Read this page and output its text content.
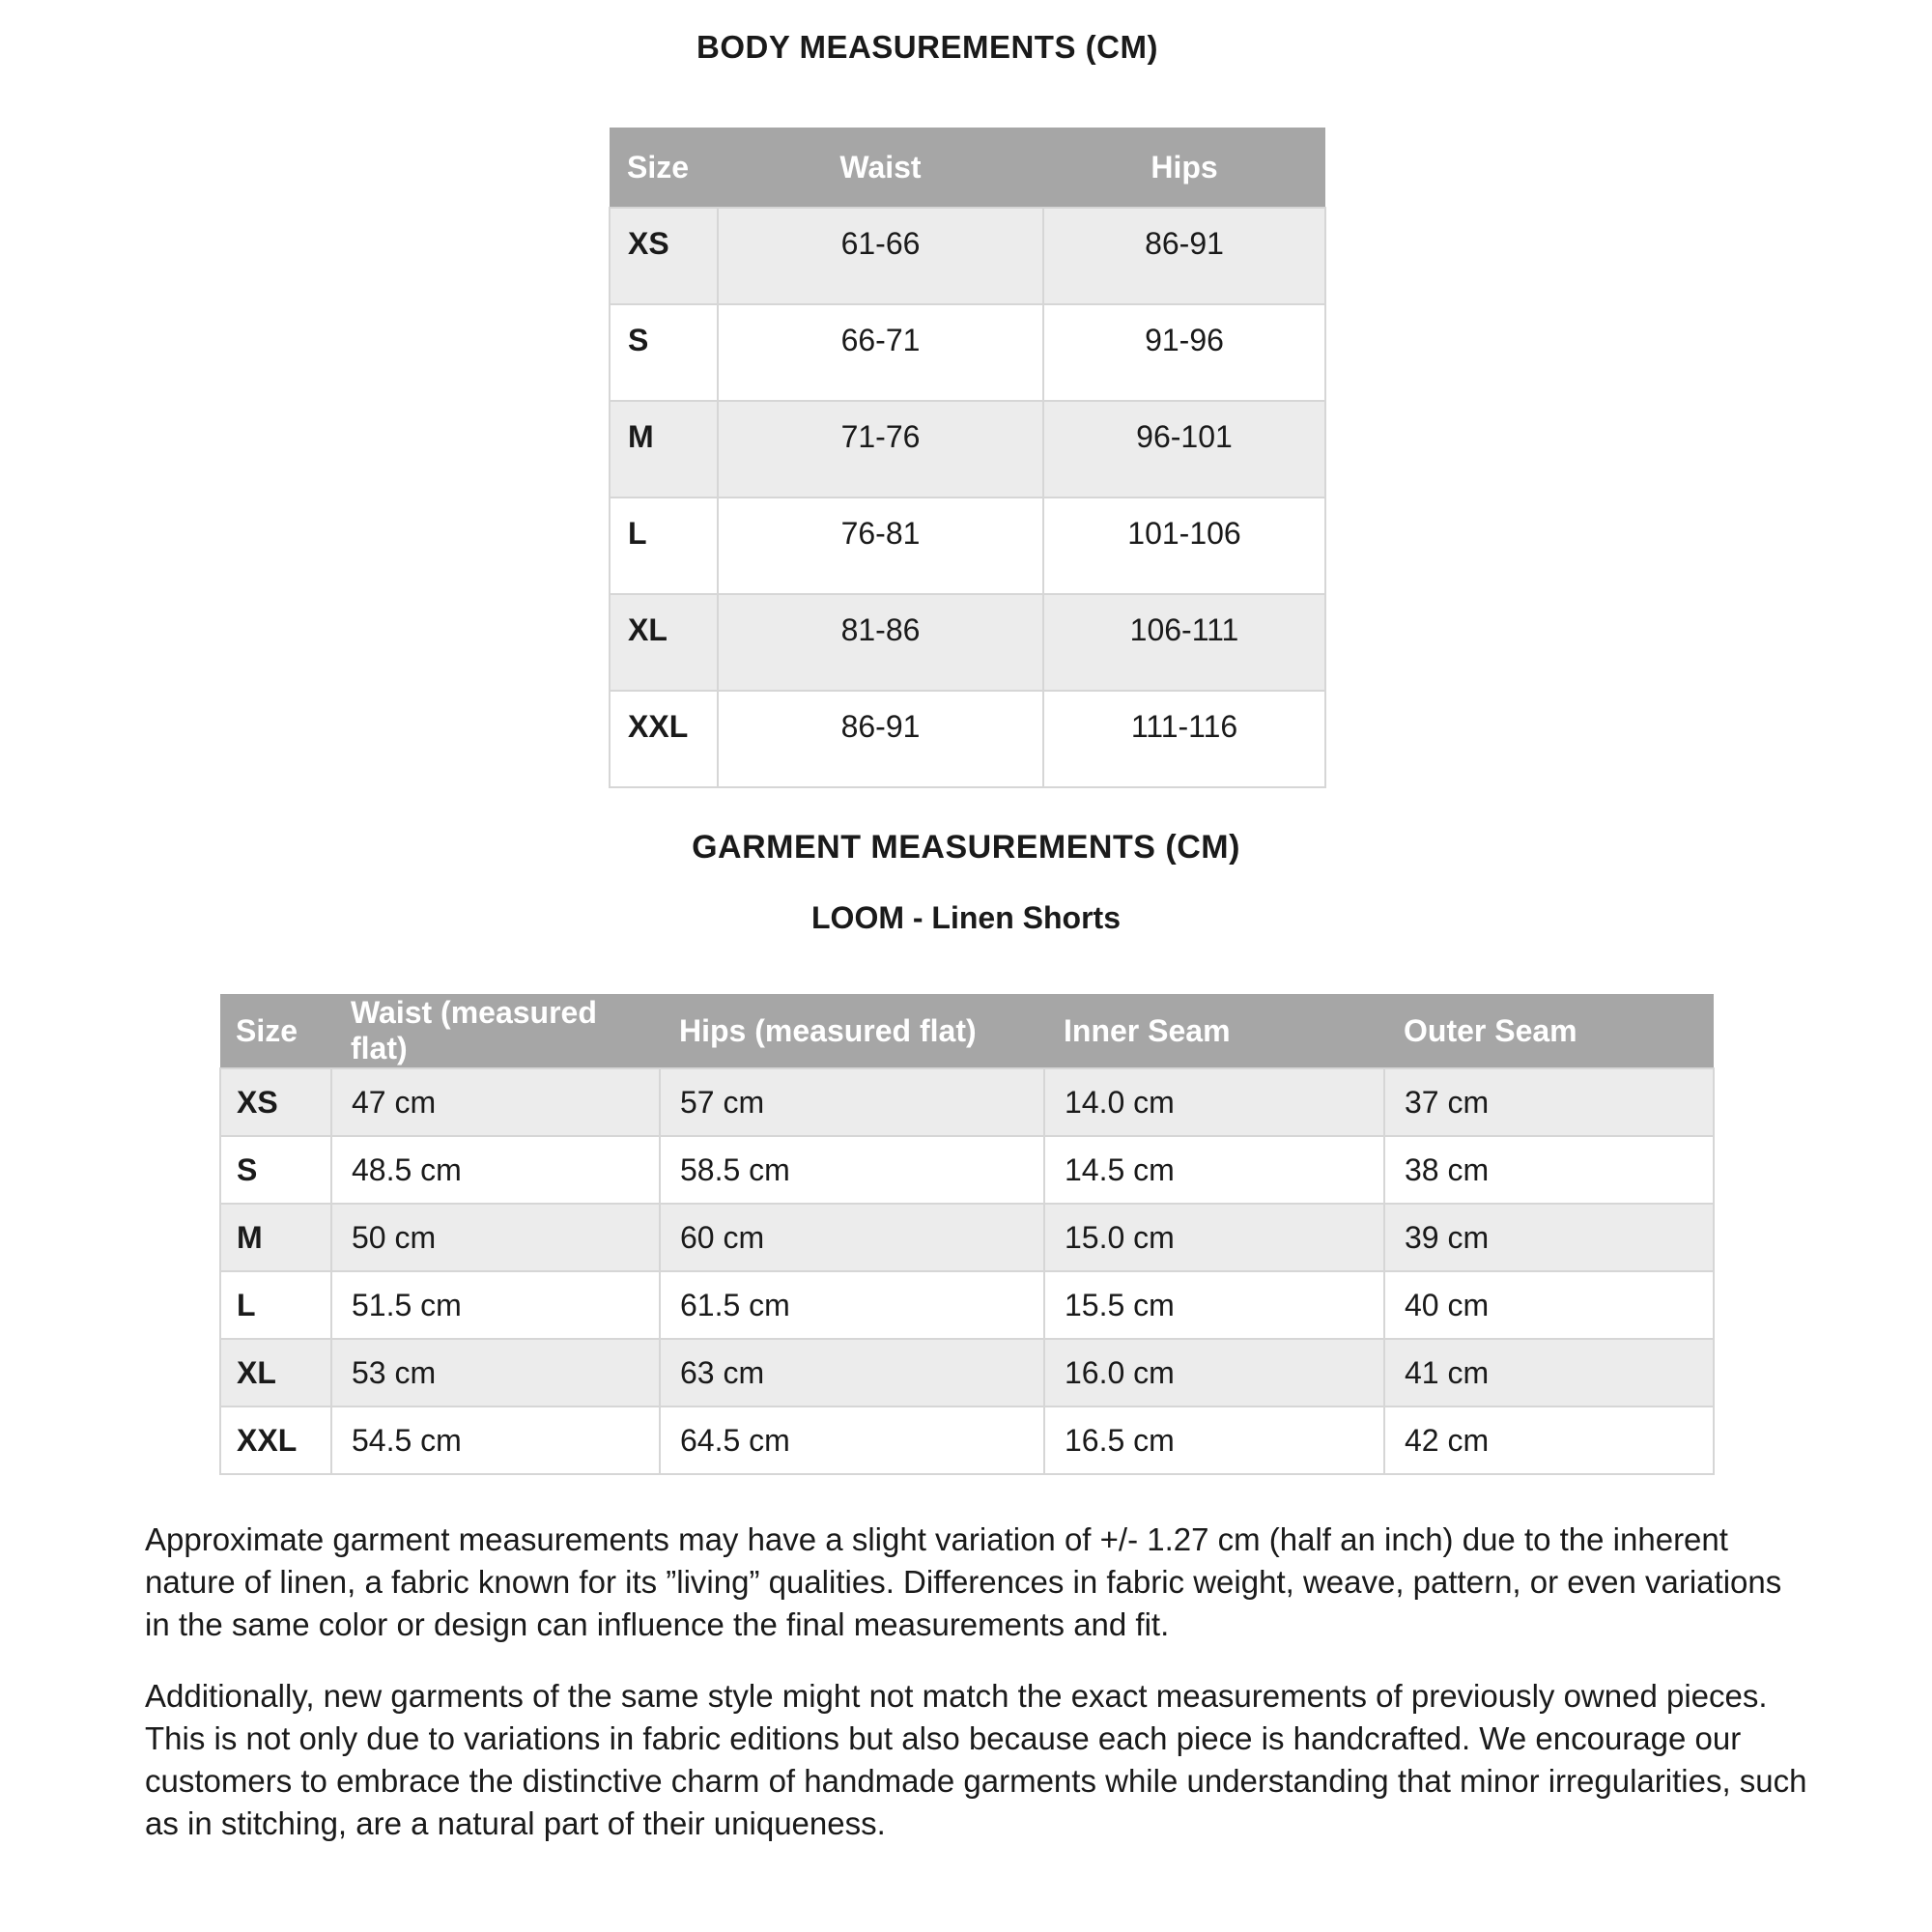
BODY MEASUREMENTS (CM)
Size	Waist	Hips
XS	61-66	86-91
S	66-71	91-96
M	71-76	96-101
L	76-81	101-106
XL	81-86	106-111
XXL	86-91	111-116
GARMENT MEASUREMENTS (CM)
LOOM - Linen Shorts
Size	Waist (measured flat)	Hips (measured flat)	Inner Seam	Outer Seam
XS	47 cm	57 cm	14.0 cm	37 cm
S	48.5 cm	58.5 cm	14.5 cm	38 cm
M	50 cm	60 cm	15.0 cm	39 cm
L	51.5 cm	61.5 cm	15.5 cm	40 cm
XL	53 cm	63 cm	16.0 cm	41 cm
XXL	54.5 cm	64.5 cm	16.5 cm	42 cm

Approximate garment measurements may have a slight variation of +/- 1.27 cm (half an inch) due to the inherent nature of linen, a fabric known for its ”living” qualities. Differences in fabric weight, weave, pattern, or even variations in the same color or design can influence the final measurements and fit.

Additionally, new garments of the same style might not match the exact measurements of previously owned pieces. This is not only due to variations in fabric editions but also because each piece is handcrafted. We encourage our customers to embrace the distinctive charm of handmade garments while understanding that minor irregularities, such as in stitching, are a natural part of their uniqueness.
